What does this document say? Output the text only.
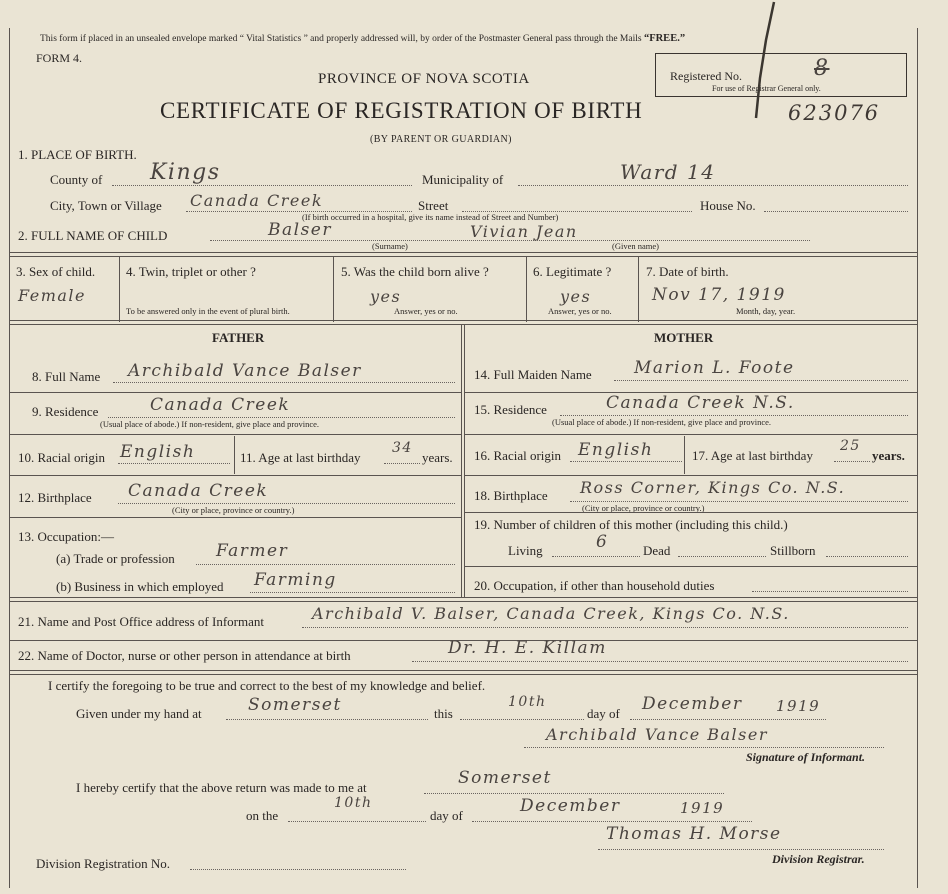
This form if placed in an unsealed envelope marked “ Vital Statistics ” and properly addressed will, by order of the Postmaster General pass through the Mails “FREE.”
FORM 4.
PROVINCE OF NOVA SCOTIA
CERTIFICATE OF REGISTRATION OF BIRTH
(BY PARENT OR GUARDIAN)
Registered No.
For use of Registrar General only.
8
623076
1. PLACE OF BIRTH.
County of Kings	Municipality of	Ward 14
City, Town or Village Canada Creek	Street	House No.
(If birth occurred in a hospital, give its name instead of Street and Number)
2. FULL NAME OF CHILD	Balser	Vivian Jean
(Surname)	(Given name)
3. Sex of child.
Female
4. Twin, triplet or other ?
To be answered only in the event of plural birth.
5. Was the child born alive ?
yes
Answer, yes or no.
6. Legitimate ?
yes
Answer, yes or no.
7. Date of birth.
Nov 17, 1919
Month, day, year.
FATHER	MOTHER
8. Full Name Archibald Vance Balser
9. Residence	Canada Creek
(Usual place of abode.) If non-resident, give place and province.
10. Racial origin English	11. Age at last birthday
34
years.
12. Birthplace Canada Creek
(City or place, province or country.)
13. Occupation:—
(a) Trade or profession Farmer
(b) Business in which employed Farming
14. Full Maiden Name Marion L. Foote
15. Residence	Canada Creek N.S.
(Usual place of abode.) If non-resident, give place and province.
16. Racial origin English	17. Age at last birthday
25
years.
18. Birthplace Ross Corner, Kings Co. N.S.
(City or place, province or country.)
19. Number of children of this mother (including this child.)
Living	6	Dead	Stillborn
20. Occupation, if other than household duties
21. Name and Post Office address of Informant	Archibald V. Balser, Canada Creek, Kings Co. N.S.
22. Name of Doctor, nurse or other person in attendance at birth	Dr. H. E. Killam
I certify the foregoing to be true and correct to the best of my knowledge and belief.
Given under my hand at	Somerset	this
10th
day of December 1919
Archibald Vance Balser
Signature of Informant.
I hereby certify that the above return was made to me at	Somerset
on the
10th
day of	December	1919
Thomas H. Morse
Division Registrar.
Division Registration No.
